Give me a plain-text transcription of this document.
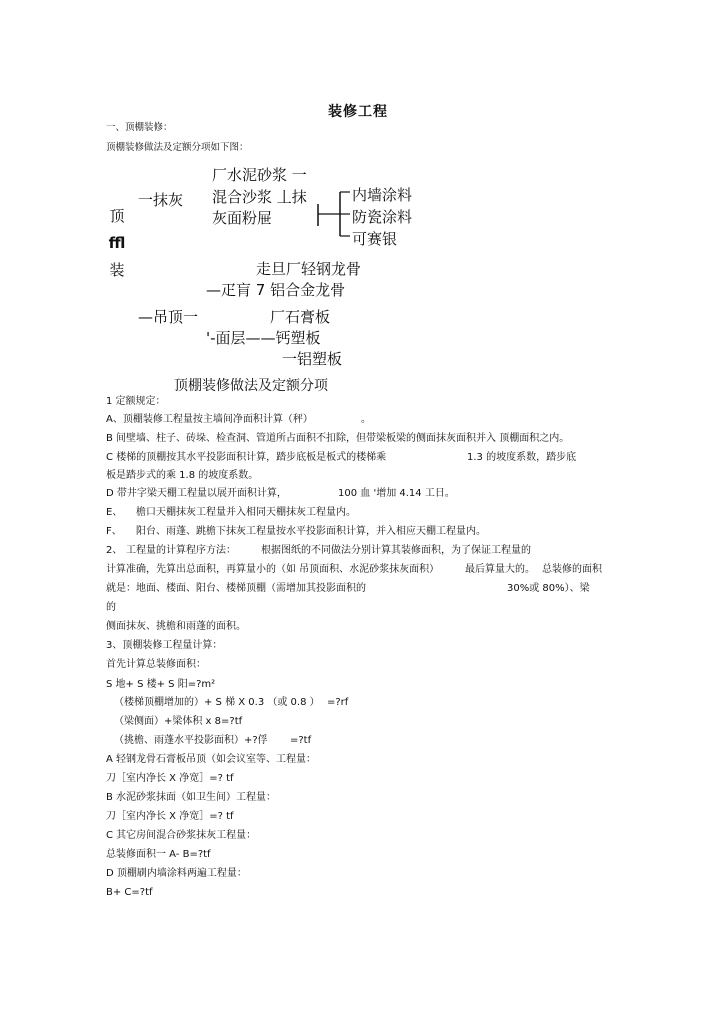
装修工程
一、顶棚装修：
顶棚装修做法及定额分项如下图：
顶
ffl
装
一抹灰
厂水泥砂浆 一
混合沙浆 丄抹
灰面粉屉
内墙涂料
防瓷涂料
可赛银
走旦厂轻钢龙骨
—疋肓 7 铝合金龙骨
—吊顶一	厂石膏板
'-面层——钙塑板
一铝塑板
顶棚装修做法及定额分项
1 定额规定：
A、顶棚装修工程量按主墙间净面积计算（秤）	。
B 间壁墙、柱子、砖垛、检查洞、管道所占面积不扣除，但带梁板梁的侧面抹灰面积并入 顶棚面积之内。
C 楼梯的顶棚按其水平投影面积计算，踏步底板是板式的楼梯乘	1.3 的坡度系数，踏步底
板是踏步式的乘 1.8 的坡度系数。
D 带井字梁天棚工程量以展开面积计算，	100 血 '增加 4.14 工日。
E、 檐口天棚抹灰工程量并入相同天棚抹灰工程量内。
F、 阳台、雨蓬、跳檐下抹灰工程量按水平投影面积计算，并入相应天棚工程量内。
2、 工程量的计算程序方法：	根据图纸的不同做法分别计算其装修面积，为了保证工程量的
计算准确，先算出总面积，再算量小的（如 吊顶面积、水泥砂浆抹灰面积）	最后算量大的。 总装修的面积
就是：地面、楼面、阳台、楼梯顶棚（需增加其投影面积的	30%或 80%）、梁
的
侧面抹灰、挑檐和雨蓬的面积。
3、顶棚装修工程量计算：
首先计算总装修面积：
S 地+ S 楼+ S 阳=?m²
（楼梯顶棚增加的）+ S 梯 X 0.3 （或 0.8 ） =?rf
（梁侧面）+梁体积 x 8=?tf
（挑檐、雨蓬水平投影面积）+?俘 =?tf
A 轻钢龙骨石膏板吊顶（如会议室等、工程量：
刀［室内净长 X 净宽］=? tf
B 水泥砂浆抹面（如卫生间）工程量：
刀［室内净长 X 净宽］=? tf
C 其它房间混合砂浆抹灰工程量：
总装修面积一 A- B=?tf
D 顶棚刷内墙涂料两遍工程量：
B+ C=?tf
